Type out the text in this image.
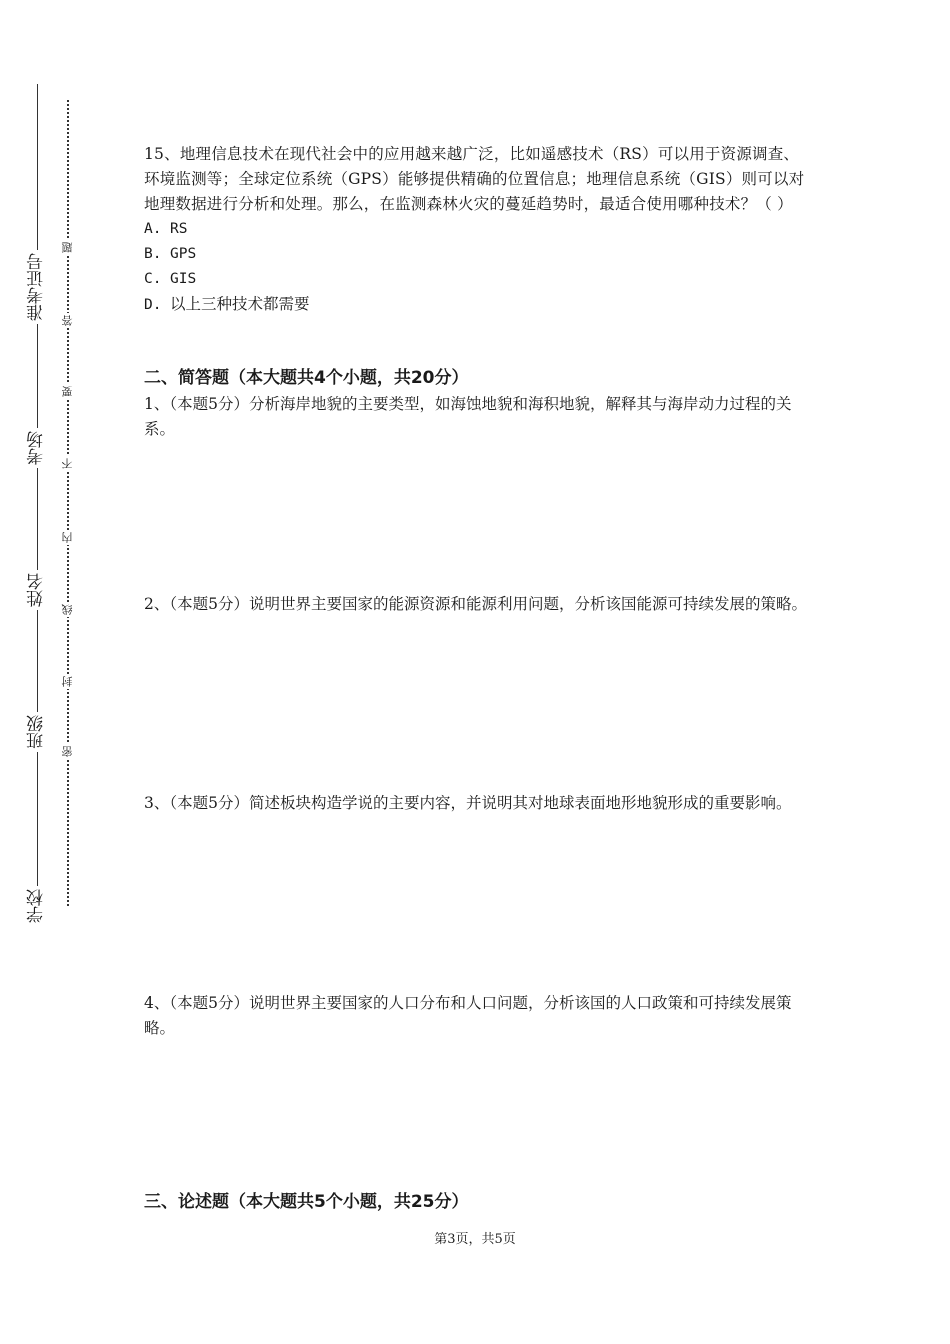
准考证号
考场
姓名
班级
学校
题
答
要
不
内
线
封
密

15、地理信息技术在现代社会中的应用越来越广泛，比如遥感技术（RS）可以用于资源调查、环境监测等；全球定位系统（GPS）能够提供精确的位置信息；地理信息系统（GIS）则可以对地理数据进行分析和处理。那么，在监测森林火灾的蔓延趋势时，最适合使用哪种技术？（ ）

A. RS

B. GPS

C. GIS

D. 以上三种技术都需要

二、简答题（本大题共4个小题，共20分）

1、（本题5分）分析海岸地貌的主要类型，如海蚀地貌和海积地貌，解释其与海岸动力过程的关系。

2、（本题5分）说明世界主要国家的能源资源和能源利用问题，分析该国能源可持续发展的策略。

3、（本题5分）简述板块构造学说的主要内容，并说明其对地球表面地形地貌形成的重要影响。

4、（本题5分）说明世界主要国家的人口分布和人口问题，分析该国的人口政策和可持续发展策略。

三、论述题（本大题共5个小题，共25分）
第3页，共5页
